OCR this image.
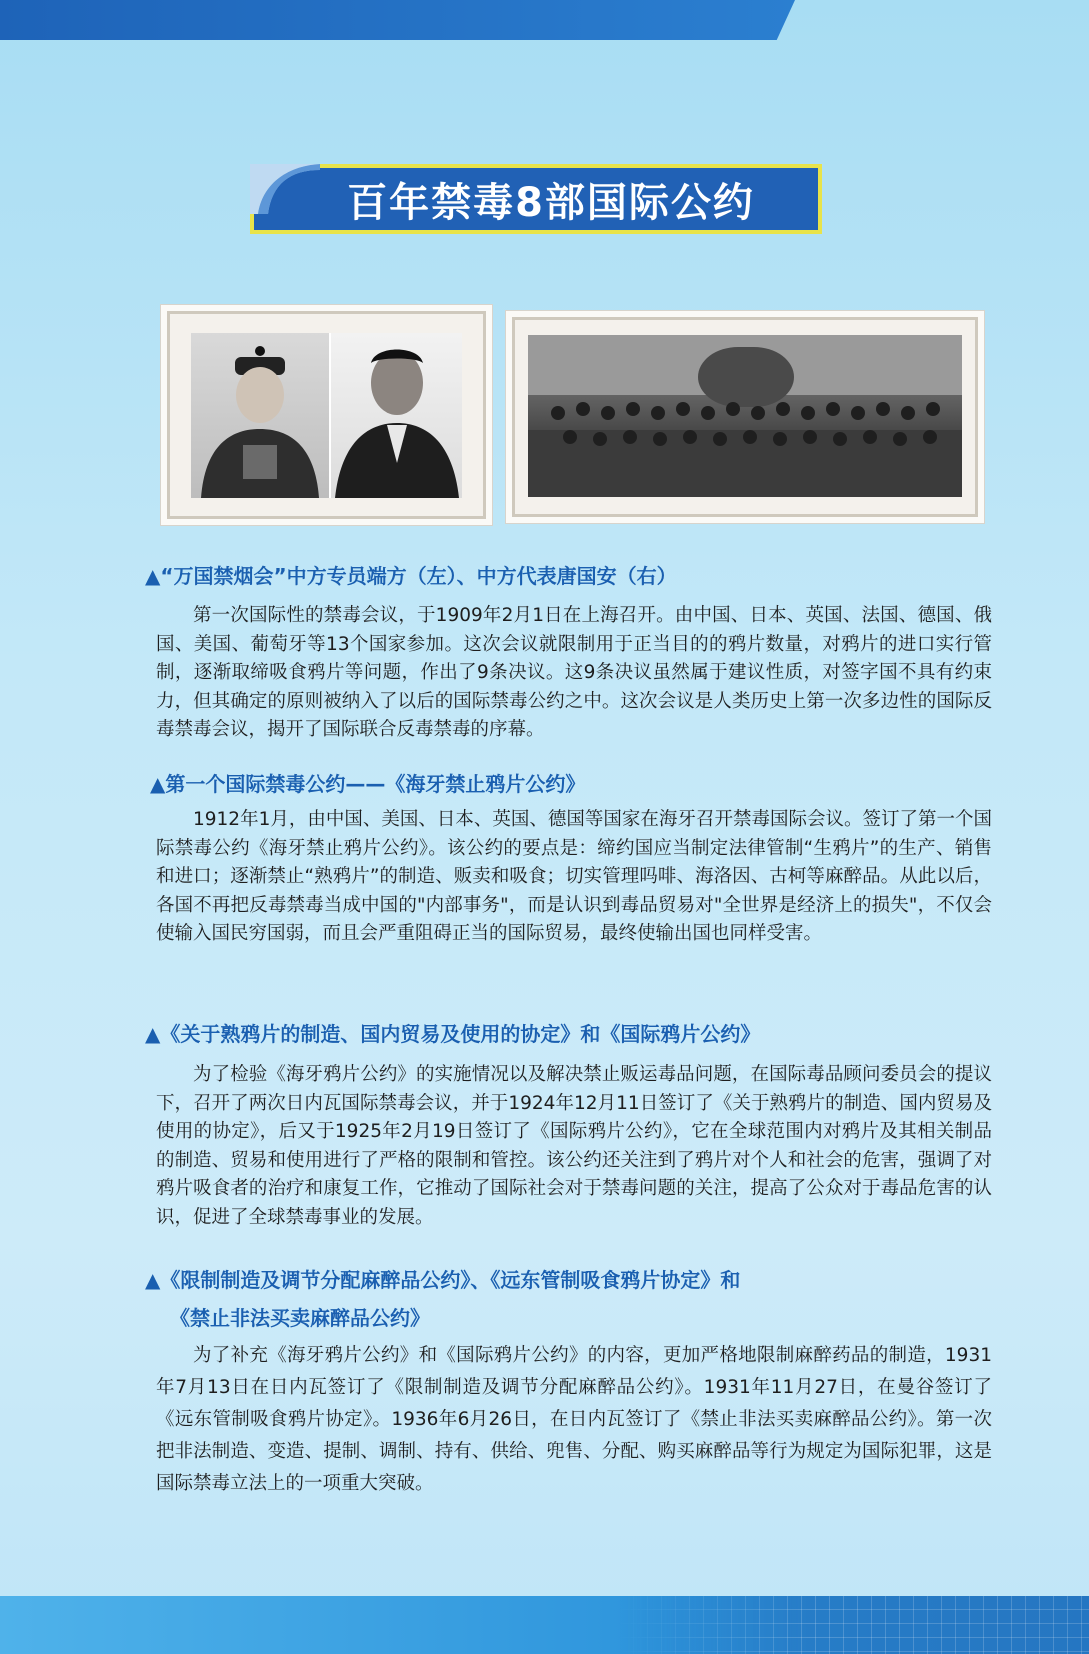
百年禁毒8部国际公约
▲“万国禁烟会”中方专员端方（左）、中方代表唐国安（右）
第一次国际性的禁毒会议，于1909年2月1日在上海召开。由中国、日本、英国、法国、德国、俄国、美国、葡萄牙等13个国家参加。这次会议就限制用于正当目的的鸦片数量，对鸦片的进口实行管制，逐渐取缔吸食鸦片等问题，作出了9条决议。这9条决议虽然属于建议性质，对签字国不具有约束力，但其确定的原则被纳入了以后的国际禁毒公约之中。这次会议是人类历史上第一次多边性的国际反毒禁毒会议，揭开了国际联合反毒禁毒的序幕。
▲第一个国际禁毒公约——《海牙禁止鸦片公约》
1912年1月，由中国、美国、日本、英国、德国等国家在海牙召开禁毒国际会议。签订了第一个国际禁毒公约《海牙禁止鸦片公约》。该公约的要点是：缔约国应当制定法律管制“生鸦片”的生产、销售和进口；逐渐禁止“熟鸦片”的制造、贩卖和吸食；切实管理吗啡、海洛因、古柯等麻醉品。从此以后，各国不再把反毒禁毒当成中国的"内部事务"，而是认识到毒品贸易对"全世界是经济上的损失"，不仅会使输入国民穷国弱，而且会严重阻碍正当的国际贸易，最终使输出国也同样受害。
▲《关于熟鸦片的制造、国内贸易及使用的协定》和《国际鸦片公约》
为了检验《海牙鸦片公约》的实施情况以及解决禁止贩运毒品问题，在国际毒品顾问委员会的提议下，召开了两次日内瓦国际禁毒会议，并于1924年12月11日签订了《关于熟鸦片的制造、国内贸易及使用的协定》，后又于1925年2月19日签订了《国际鸦片公约》，它在全球范围内对鸦片及其相关制品的制造、贸易和使用进行了严格的限制和管控。该公约还关注到了鸦片对个人和社会的危害，强调了对鸦片吸食者的治疗和康复工作，它推动了国际社会对于禁毒问题的关注，提高了公众对于毒品危害的认识，促进了全球禁毒事业的发展。
▲《限制制造及调节分配麻醉品公约》、《远东管制吸食鸦片协定》和
《禁止非法买卖麻醉品公约》
为了补充《海牙鸦片公约》和《国际鸦片公约》的内容，更加严格地限制麻醉药品的制造，1931年7月13日在日内瓦签订了《限制制造及调节分配麻醉品公约》。1931年11月27日，在曼谷签订了《远东管制吸食鸦片协定》。1936年6月26日，在日内瓦签订了《禁止非法买卖麻醉品公约》。第一次把非法制造、变造、提制、调制、持有、供给、兜售、分配、购买麻醉品等行为规定为国际犯罪，这是国际禁毒立法上的一项重大突破。
